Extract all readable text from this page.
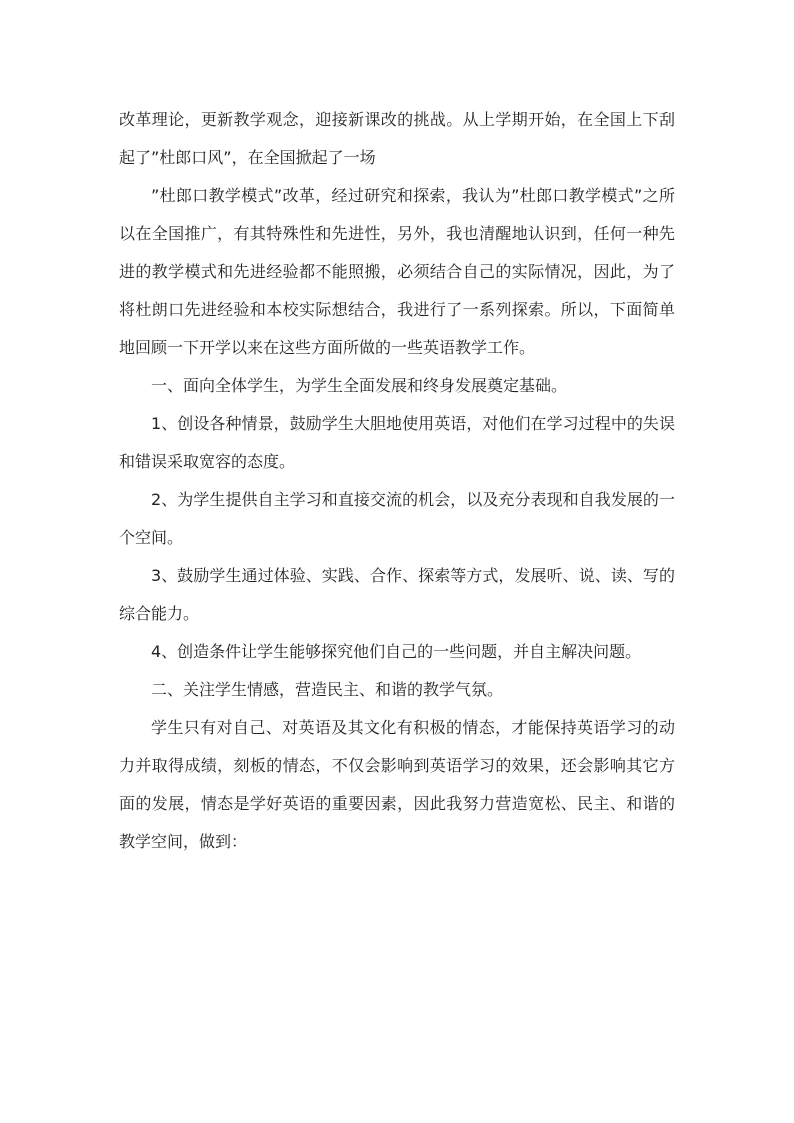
改革理论，更新教学观念，迎接新课改的挑战。从上学期开始，在全国上下刮起了”杜郎口风”，在全国掀起了一场

”杜郎口教学模式”改革，经过研究和探索，我认为”杜郎口教学模式”之所以在全国推广，有其特殊性和先进性，另外，我也清醒地认识到，任何一种先进的教学模式和先进经验都不能照搬，必须结合自己的实际情况，因此，为了将杜朗口先进经验和本校实际想结合，我进行了一系列探索。所以，下面简单地回顾一下开学以来在这些方面所做的一些英语教学工作。

一、面向全体学生，为学生全面发展和终身发展奠定基础。

1、创设各种情景，鼓励学生大胆地使用英语，对他们在学习过程中的失误和错误采取宽容的态度。

2、为学生提供自主学习和直接交流的机会，以及充分表现和自我发展的一个空间。

3、鼓励学生通过体验、实践、合作、探索等方式，发展听、说、读、写的综合能力。

4、创造条件让学生能够探究他们自己的一些问题，并自主解决问题。

二、关注学生情感，营造民主、和谐的教学气氛。

学生只有对自己、对英语及其文化有积极的情态，才能保持英语学习的动力并取得成绩，刻板的情态，不仅会影响到英语学习的效果，还会影响其它方面的发展，情态是学好英语的重要因素，因此我努力营造宽松、民主、和谐的教学空间，做到：
